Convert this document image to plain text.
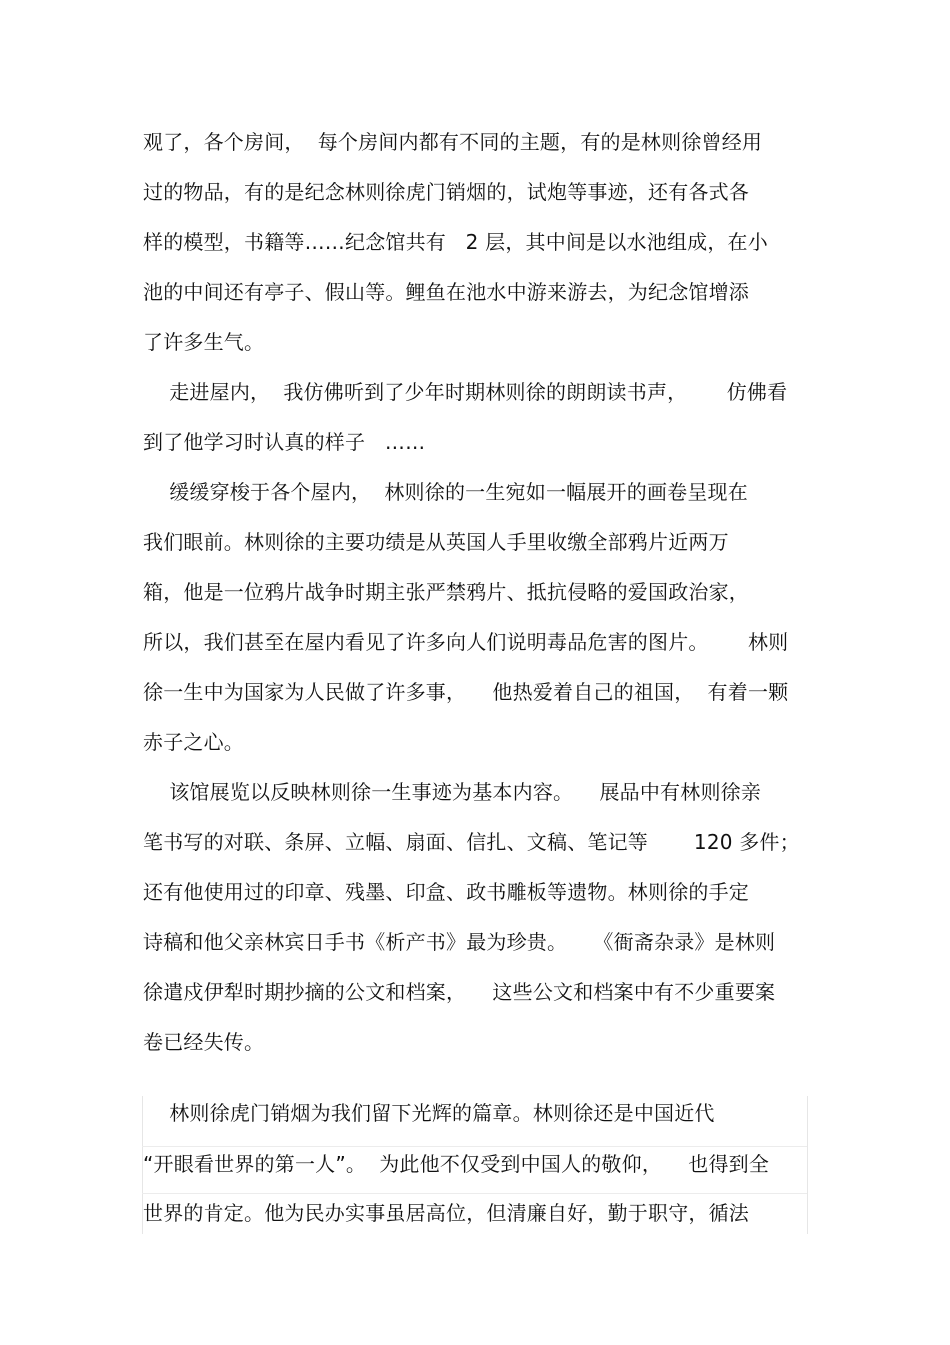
观了，各个房间，  每个房间内都有不同的主题，有的是林则徐曾经用
过的物品，有的是纪念林则徐虎门销烟的，试炮等事迹，还有各式各
样的模型，书籍等……纪念馆共有   2 层，其中间是以水池组成，在小
池的中间还有亭子、假山等。鲤鱼在池水中游来游去，为纪念馆增添
了许多生气。
走进屋内，  我仿佛听到了少年时期林则徐的朗朗读书声，      仿佛看
到了他学习时认真的样子   ……
缓缓穿梭于各个屋内，  林则徐的一生宛如一幅展开的画卷呈现在
我们眼前。林则徐的主要功绩是从英国人手里收缴全部鸦片近两万
箱，他是一位鸦片战争时期主张严禁鸦片、抵抗侵略的爱国政治家，
所以，我们甚至在屋内看见了许多向人们说明毒品危害的图片。      林则
徐一生中为国家为人民做了许多事，    他热爱着自己的祖国，  有着一颗
赤子之心。
该馆展览以反映林则徐一生事迹为基本内容。    展品中有林则徐亲
笔书写的对联、条屏、立幅、扇面、信扎、文稿、笔记等       120 多件；
还有他使用过的印章、残墨、印盒、政书雕板等遗物。林则徐的手定
诗稿和他父亲林宾日手书《析产书》最为珍贵。    《衙斋杂录》是林则
徐遣戍伊犁时期抄摘的公文和档案，    这些公文和档案中有不少重要案
卷已经失传。
林则徐虎门销烟为我们留下光辉的篇章。林则徐还是中国近代
“开眼看世界的第一人”。  为此他不仅受到中国人的敬仰，    也得到全
世界的肯定。他为民办实事虽居高位，但清廉自好，勤于职守，循法
